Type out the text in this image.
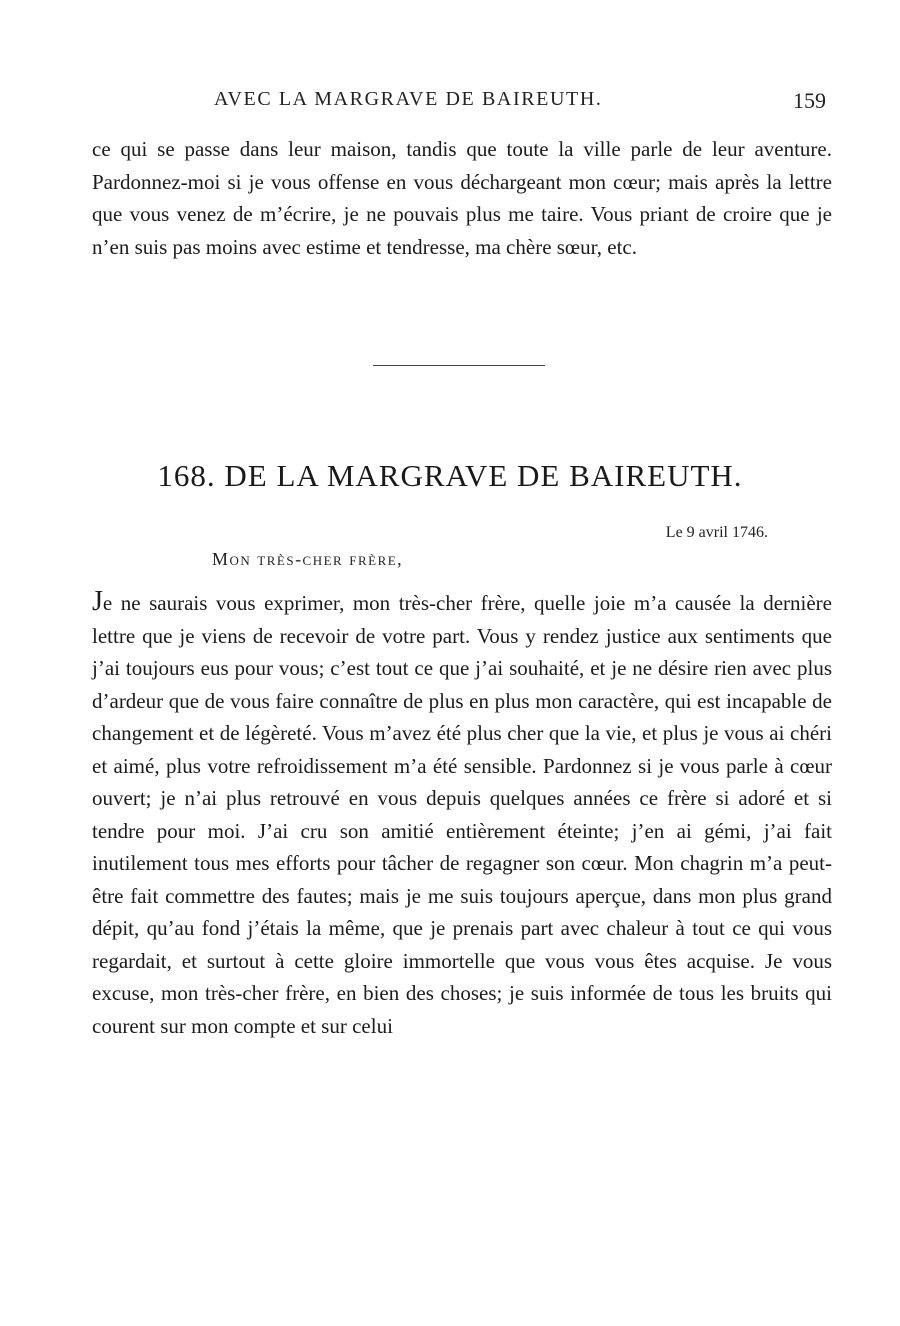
AVEC LA MARGRAVE DE BAIREUTH.	159

ce qui se passe dans leur maison, tandis que toute la ville parle de leur aventure. Pardonnez-moi si je vous offense en vous déchargeant mon cœur; mais après la lettre que vous venez de m’écrire, je ne pouvais plus me taire. Vous priant de croire que je n’en suis pas moins avec estime et tendresse, ma chère sœur, etc.

168. DE LA MARGRAVE DE BAIREUTH.
Le 9 avril 1746.
Mon très-cher frère,

Je ne saurais vous exprimer, mon très-cher frère, quelle joie m’a causée la dernière lettre que je viens de recevoir de votre part. Vous y rendez justice aux sentiments que j’ai toujours eus pour vous; c’est tout ce que j’ai souhaité, et je ne désire rien avec plus d’ardeur que de vous faire connaître de plus en plus mon caractère, qui est incapable de changement et de légèreté. Vous m’avez été plus cher que la vie, et plus je vous ai chéri et aimé, plus votre refroidissement m’a été sensible. Pardonnez si je vous parle à cœur ouvert; je n’ai plus retrouvé en vous depuis quelques années ce frère si adoré et si tendre pour moi. J’ai cru son amitié entièrement éteinte; j’en ai gémi, j’ai fait inutilement tous mes efforts pour tâcher de regagner son cœur. Mon chagrin m’a peut-être fait commettre des fautes; mais je me suis toujours aperçue, dans mon plus grand dépit, qu’au fond j’étais la même, que je prenais part avec chaleur à tout ce qui vous regardait, et surtout à cette gloire immortelle que vous vous êtes acquise. Je vous excuse, mon très-cher frère, en bien des choses; je suis informée de tous les bruits qui courent sur mon compte et sur celui
